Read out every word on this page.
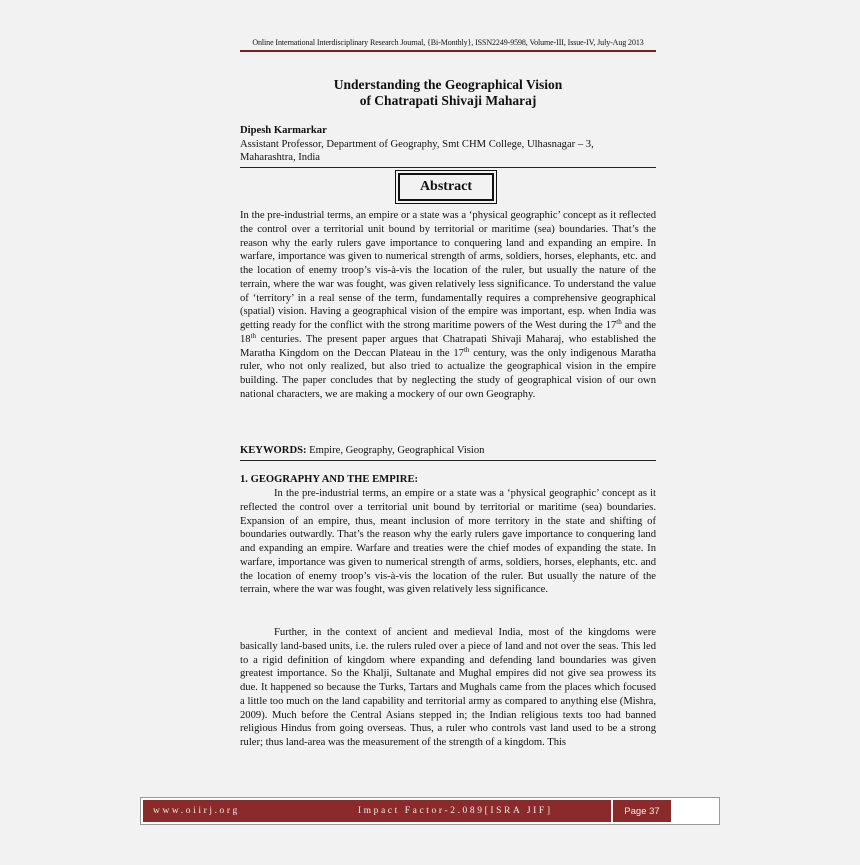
Online International Interdisciplinary Research Journal, {Bi-Monthly}, ISSN2249-9598, Volume-III, Issue-IV, July-Aug 2013
Understanding the Geographical Vision
of Chatrapati Shivaji Maharaj
Dipesh Karmarkar
Assistant Professor, Department of Geography, Smt CHM College, Ulhasnagar – 3,
Maharashtra, India
Abstract
In the pre-industrial terms, an empire or a state was a ‘physical geographic’ concept as it reflected the control over a territorial unit bound by territorial or maritime (sea) boundaries. That’s the reason why the early rulers gave importance to conquering land and expanding an empire. In warfare, importance was given to numerical strength of arms, soldiers, horses, elephants, etc. and the location of enemy troop’s vis-à-vis the location of the ruler, but usually the nature of the terrain, where the war was fought, was given relatively less significance. To understand the value of ‘territory’ in a real sense of the term, fundamentally requires a comprehensive geographical (spatial) vision. Having a geographical vision of the empire was important, esp. when India was getting ready for the conflict with the strong maritime powers of the West during the 17th and the 18th centuries. The present paper argues that Chatrapati Shivaji Maharaj, who established the Maratha Kingdom on the Deccan Plateau in the 17th century, was the only indigenous Maratha ruler, who not only realized, but also tried to actualize the geographical vision in the empire building. The paper concludes that by neglecting the study of geographical vision of our own national characters, we are making a mockery of our own Geography.
KEYWORDS: Empire, Geography, Geographical Vision
1. GEOGRAPHY AND THE EMPIRE:
In the pre-industrial terms, an empire or a state was a ‘physical geographic’ concept as it reflected the control over a territorial unit bound by territorial or maritime (sea) boundaries. Expansion of an empire, thus, meant inclusion of more territory in the state and shifting of boundaries outwardly. That’s the reason why the early rulers gave importance to conquering land and expanding an empire. Warfare and treaties were the chief modes of expanding the state. In warfare, importance was given to numerical strength of arms, soldiers, horses, elephants, etc. and the location of enemy troop’s vis-à-vis the location of the ruler. But usually the nature of the terrain, where the war was fought, was given relatively less significance.
Further, in the context of ancient and medieval India, most of the kingdoms were basically land-based units, i.e. the rulers ruled over a piece of land and not over the seas. This led to a rigid definition of kingdom where expanding and defending land boundaries was given greatest importance. So the Khalji, Sultanate and Mughal empires did not give sea prowess its due. It happened so because the Turks, Tartars and Mughals came from the places which focused a little too much on the land capability and territorial army as compared to anything else (Mishra, 2009). Much before the Central Asians stepped in; the Indian religious texts too had banned religious Hindus from going overseas. Thus, a ruler who controls vast land used to be a strong ruler; thus land-area was the measurement of the strength of a kingdom. This
www.oiirj.org	Impact Factor-2.089[ISRA JIF]	Page 37
